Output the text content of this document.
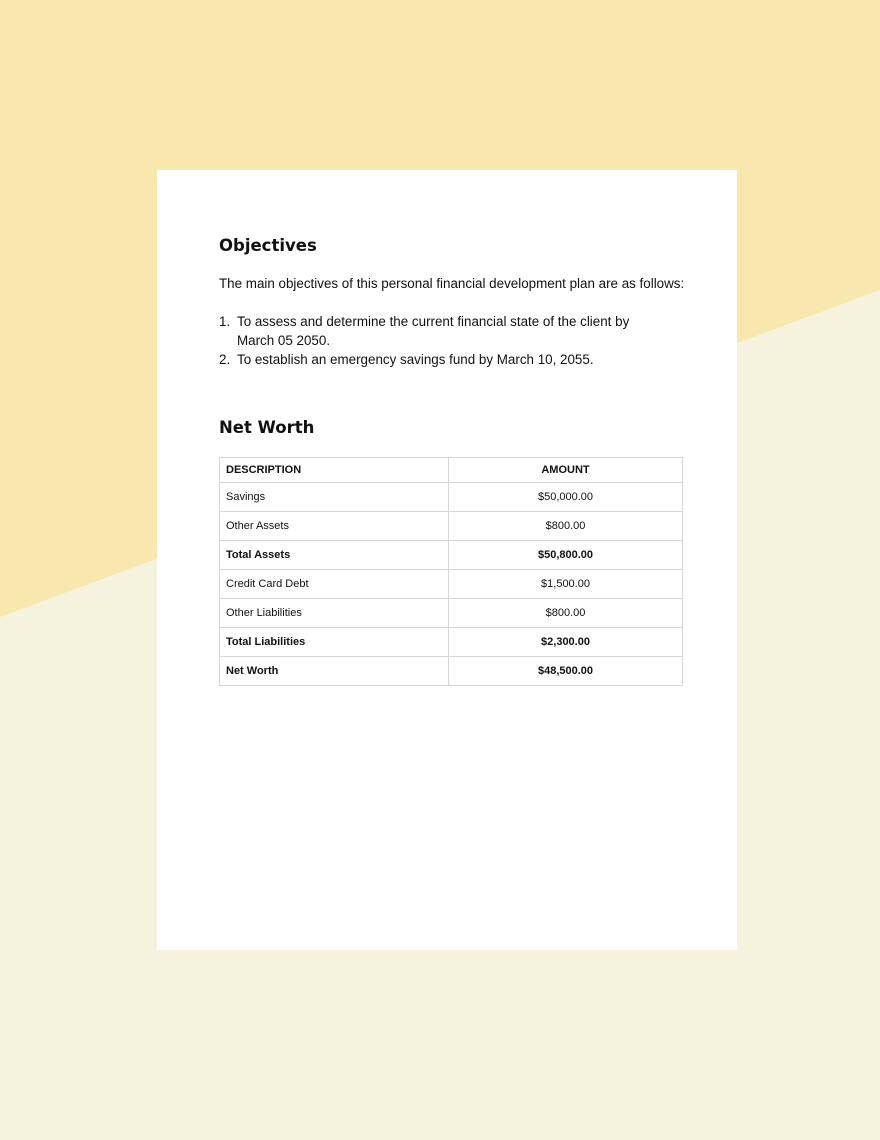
Objectives
The main objectives of this personal financial development plan are as follows:
1. To assess and determine the current financial state of the client by March 05 2050.
2. To establish an emergency savings fund by March 10, 2055.
Net Worth
DESCRIPTION	AMOUNT
Savings	$50,000.00
Other Assets	$800.00
Total Assets	$50,800.00
Credit Card Debt	$1,500.00
Other Liabilities	$800.00
Total Liabilities	$2,300.00
Net Worth	$48,500.00
